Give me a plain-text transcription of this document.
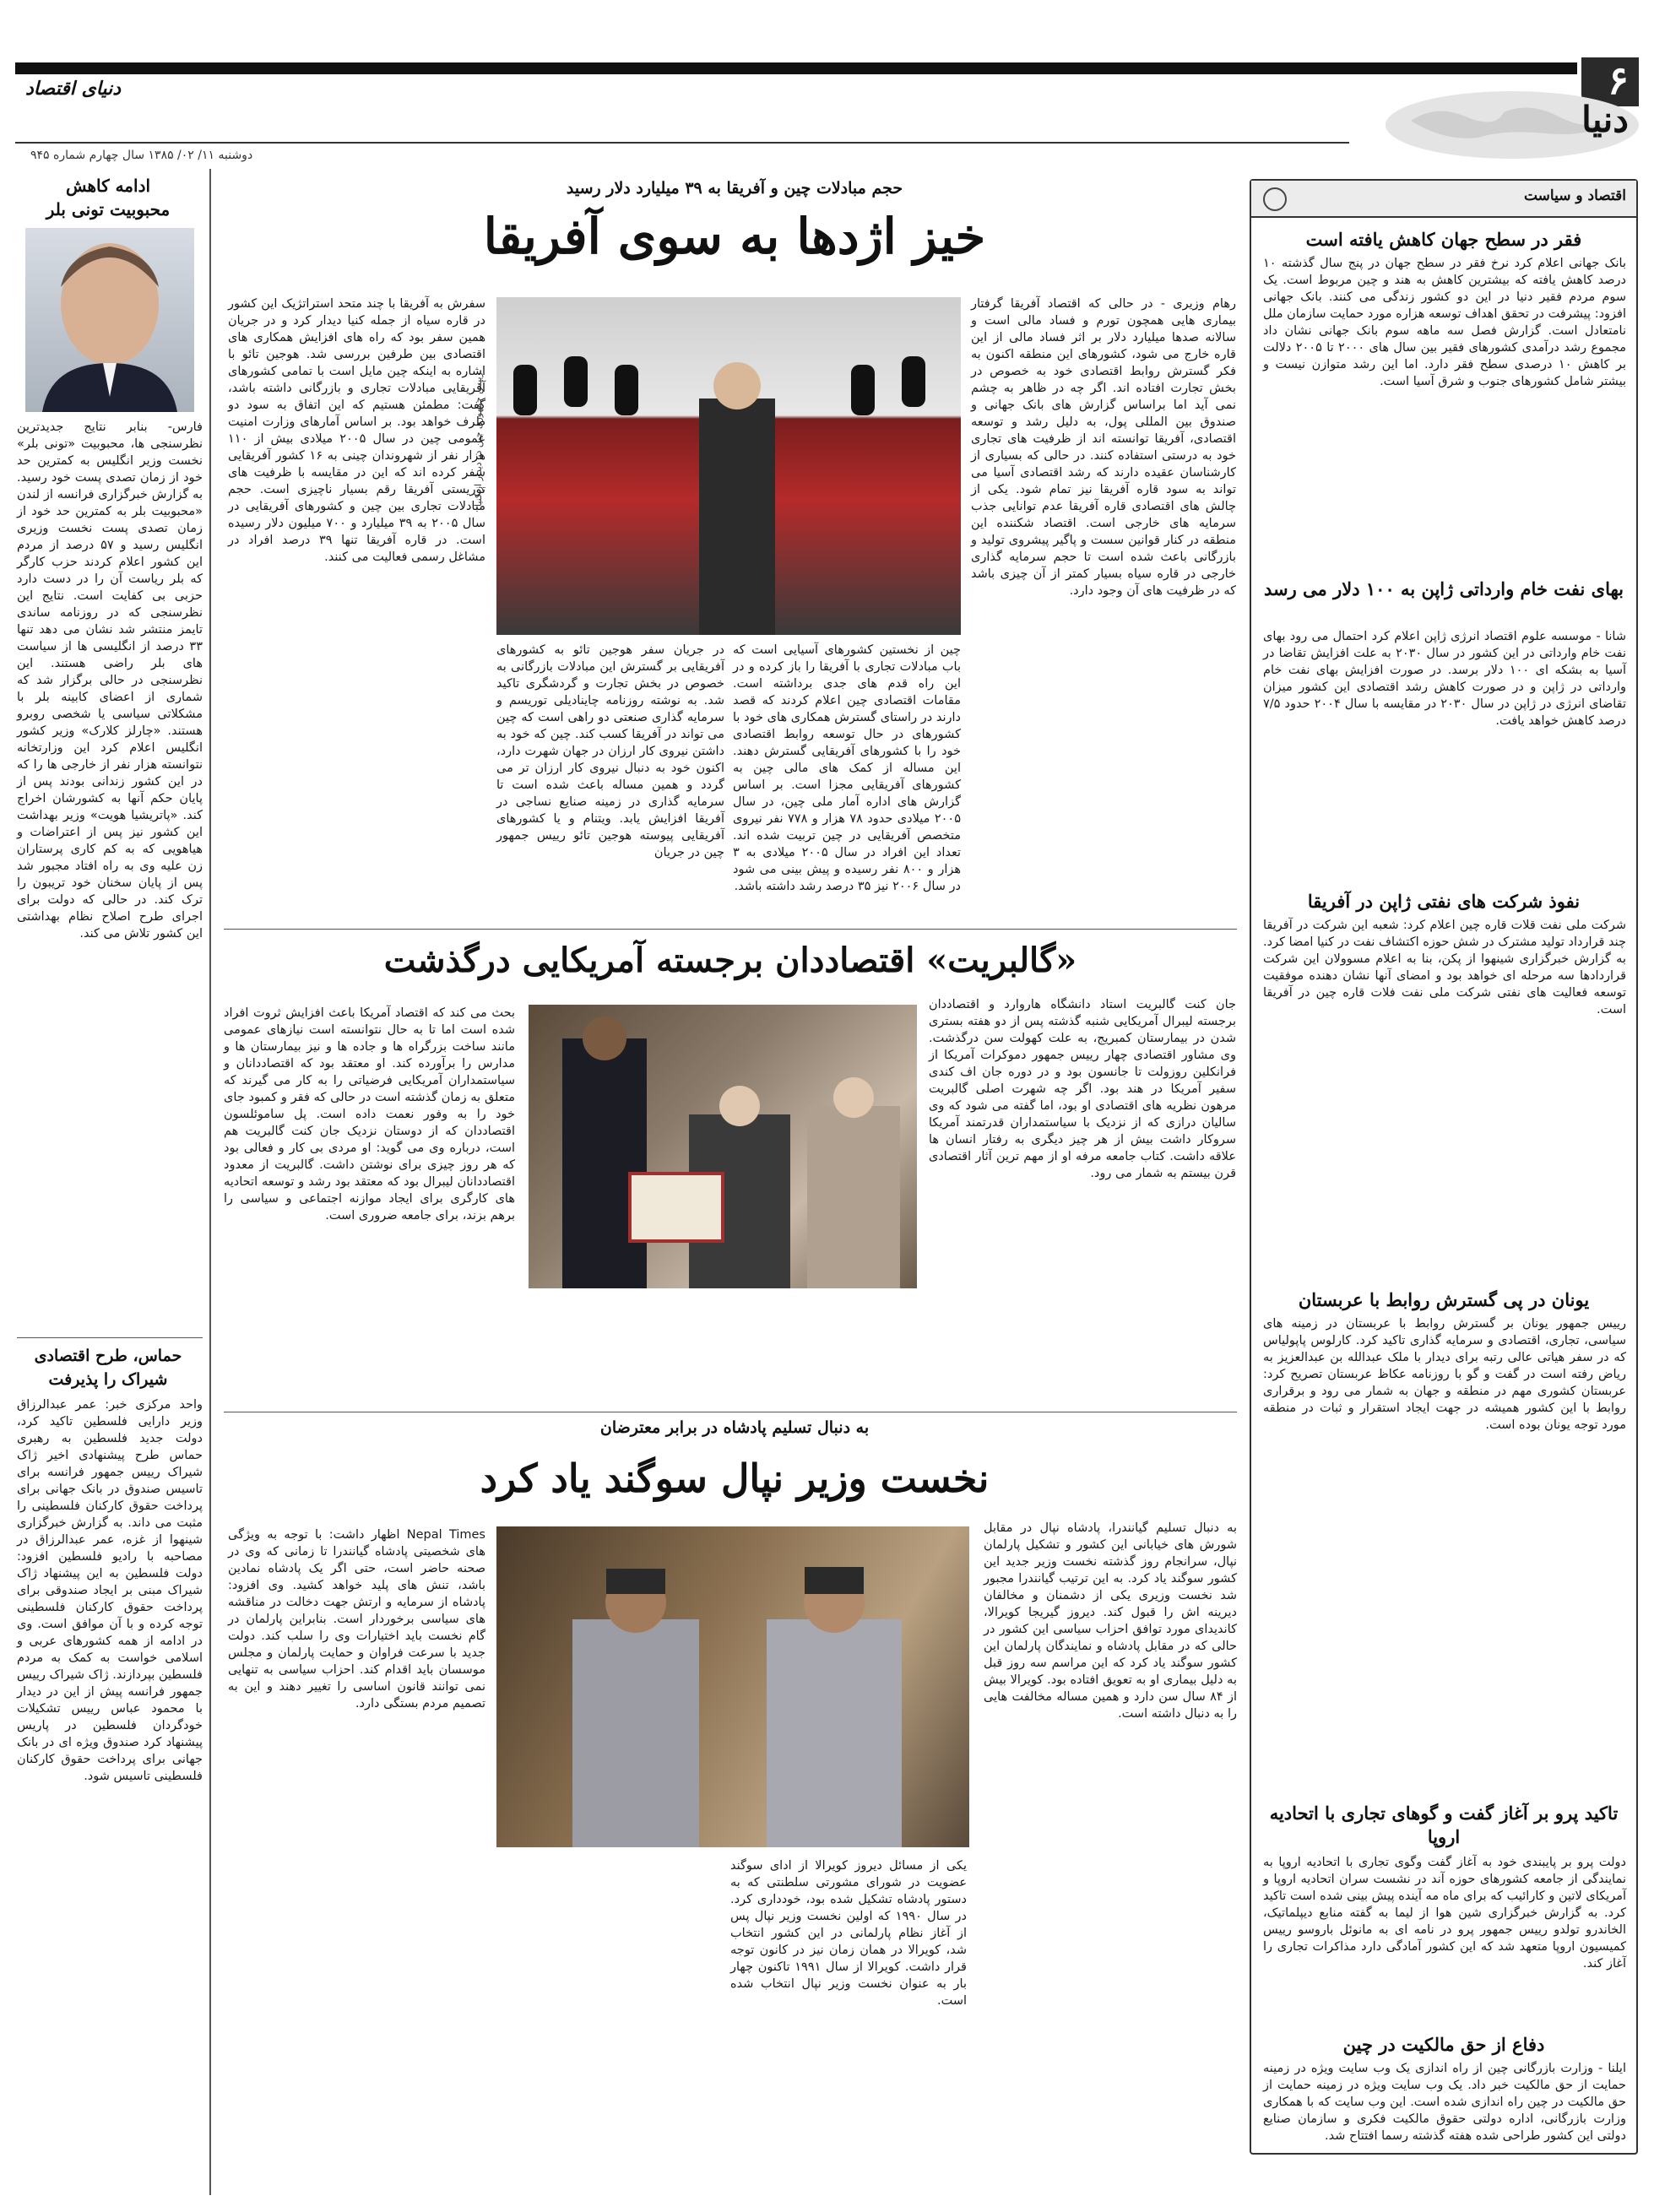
۶
دنیا
دنیای اقتصاد
دوشنبه ۱۱/ ۰۲/ ۱۳۸۵ سال چهارم شماره ۹۴۵
اقتصاد و سیاست
فقر در سطح جهان کاهش یافته است
بانک جهانی اعلام کرد نرخ فقر در سطح جهان در پنج سال گذشته ۱۰ درصد کاهش یافته که بیشترین کاهش به هند و چین مربوط است. یک سوم مردم فقیر دنیا در این دو کشور زندگی می کنند. بانک جهانی افزود: پیشرفت در تحقق اهداف توسعه هزاره مورد حمایت سازمان ملل نامتعادل است. گزارش فصل سه ماهه سوم بانک جهانی نشان داد مجموع رشد درآمدی کشورهای فقیر بین سال های ۲۰۰۰ تا ۲۰۰۵ دلالت بر کاهش ۱۰ درصدی سطح فقر دارد. اما این رشد متوازن نیست و بیشتر شامل کشورهای جنوب و شرق آسیا است.
بهای نفت خام وارداتی ژاپن به ۱۰۰ دلار می رسد
شانا - موسسه علوم اقتصاد انرژی ژاپن اعلام کرد احتمال می رود بهای نفت خام وارداتی در این کشور در سال ۲۰۳۰ به علت افزایش تقاضا در آسیا به بشکه ای ۱۰۰ دلار برسد. در صورت افزایش بهای نفت خام وارداتی در ژاپن و در صورت کاهش رشد اقتصادی این کشور میزان تقاضای انرژی در ژاپن در سال ۲۰۳۰ در مقایسه با سال ۲۰۰۴ حدود ۷/۵ درصد کاهش خواهد یافت.
نفوذ شرکت های نفتی ژاپن در آفریقا
شرکت ملی نفت قلات قاره چین اعلام کرد: شعبه این شرکت در آفریقا چند قرارداد تولید مشترک در شش حوزه اکتشاف نفت در کنیا امضا کرد. به گزارش خبرگزاری شینهوا از پکن، بنا به اعلام مسوولان این شرکت قراردادها سه مرحله ای خواهد بود و امضای آنها نشان دهنده موفقیت توسعه فعالیت های نفتی شرکت ملی نفت فلات قاره چین در آفریقا است.
یونان در پی گسترش روابط با عربستان
رییس جمهور یونان بر گسترش روابط با عربستان در زمینه های سیاسی، تجاری، اقتصادی و سرمایه گذاری تاکید کرد. کارلوس پاپولیاس که در سفر هیاتی عالی رتبه برای دیدار با ملک عبدالله بن عبدالعزیز به ریاض رفته است در گفت و گو با روزنامه عکاظ عربستان تصریح کرد: عربستان کشوری مهم در منطقه و جهان به شمار می رود و برقراری روابط با این کشور همیشه در جهت ایجاد استقرار و ثبات در منطقه مورد توجه یونان بوده است.
تاکید پرو بر آغاز گفت و گوهای تجاری با اتحادیه اروپا
دولت پرو بر پایبندی خود به آغاز گفت وگوی تجاری با اتحادیه اروپا به نمایندگی از جامعه کشورهای حوزه آند در نشست سران اتحادیه اروپا و آمریکای لاتین و کارائیب که برای ماه مه آینده پیش بینی شده است تاکید کرد. به گزارش خبرگزاری شین هوا از لیما به گفته منابع دیپلماتیک، الخاندرو تولدو رییس جمهور پرو در نامه ای به مانوئل باروسو رییس کمیسیون اروپا متعهد شد که این کشور آمادگی دارد مذاکرات تجاری را آغاز کند.
دفاع از حق مالکیت در چین
ایلنا - وزارت بازرگانی چین از راه اندازی یک وب سایت ویژه در زمینه حمایت از حق مالکیت خبر داد. یک وب سایت ویژه در زمینه حمایت از حق مالکیت در چین راه اندازی شده است. این وب سایت که با همکاری وزارت بازرگانی، اداره دولتی حقوق مالکیت فکری و سازمان صنایع دولتی این کشور طراحی شده هفته گذشته رسما افتتاح شد.
حجم مبادلات چین و آفریقا به ۳۹ میلیارد دلار رسید
خیز اژدها به سوی آفریقا
رهام وزیری - در حالی که اقتصاد آفریقا گرفتار بیماری هایی همچون تورم و فساد مالی است و سالانه صدها میلیارد دلار بر اثر فساد مالی از این قاره خارج می شود، کشورهای این منطقه اکنون به فکر گسترش روابط اقتصادی خود به خصوص در بخش تجارت افتاده اند. اگر چه در ظاهر به چشم نمی آید اما براساس گزارش های بانک جهانی و صندوق بین المللی پول، به دلیل رشد و توسعه اقتصادی، آفریقا توانسته اند از ظرفیت های تجاری خود به درستی استفاده کنند. در حالی که بسیاری از کارشناسان عقیده دارند که رشد اقتصادی آسیا می تواند به سود قاره آفریقا نیز تمام شود. یکی از چالش های اقتصادی قاره آفریقا عدم توانایی جذب سرمایه های خارجی است. اقتصاد شکننده این منطقه در کنار قوانین سست و پاگیر پیشروی تولید و بازرگانی باعث شده است تا حجم سرمایه گذاری خارجی در قاره سیاه بسیار کمتر از آن چیزی باشد که در ظرفیت های آن وجود دارد.
رییس جمهوری چین در دیدار از کنیا
چین از نخستین کشورهای آسیایی است که باب مبادلات تجاری با آفریقا را باز کرده و در این راه قدم های جدی برداشته است. مقامات اقتصادی چین اعلام کردند که قصد دارند در راستای گسترش همکاری های خود با کشورهای در حال توسعه روابط اقتصادی خود را با کشورهای آفریقایی گسترش دهند. این مساله از کمک های مالی چین به کشورهای آفریقایی مجزا است. بر اساس گزارش های اداره آمار ملی چین، در سال ۲۰۰۵ میلادی حدود ۷۸ هزار و ۷۷۸ نفر نیروی متخصص آفریقایی در چین تربیت شده اند. تعداد این افراد در سال ۲۰۰۵ میلادی به ۳ هزار و ۸۰۰ نفر رسیده و پیش بینی می شود در سال ۲۰۰۶ نیز ۳۵ درصد رشد داشته باشد.
در جریان سفر هوجین تائو به کشورهای آفریقایی بر گسترش این مبادلات بازرگانی به خصوص در بخش تجارت و گردشگری تاکید شد. به نوشته روزنامه چاینادیلی توریسم و سرمایه گذاری صنعتی دو راهی است که چین می تواند در آفریقا کسب کند. چین که خود به داشتن نیروی کار ارزان در جهان شهرت دارد، اکنون خود به دنبال نیروی کار ارزان تر می گردد و همین مساله باعث شده است تا سرمایه گذاری در زمینه صنایع نساجی در آفریقا افزایش یابد. ویتنام و یا کشورهای آفریقایی پیوسته هوجین تائو رییس جمهور چین در جریان
سفرش به آفریقا با چند متحد استراتژیک این کشور در قاره سیاه از جمله کنیا دیدار کرد و در جریان همین سفر بود که راه های افزایش همکاری های اقتصادی بین طرفین بررسی شد. هوجین تائو با اشاره به اینکه چین مایل است با تمامی کشورهای آفریقایی مبادلات تجاری و بازرگانی داشته باشد، گفت: مطمئن هستیم که این اتفاق به سود دو طرف خواهد بود. بر اساس آمارهای وزارت امنیت عمومی چین در سال ۲۰۰۵ میلادی بیش از ۱۱۰ هزار نفر از شهروندان چینی به ۱۶ کشور آفریقایی سفر کرده اند که این در مقایسه با ظرفیت های توریستی آفریقا رقم بسیار ناچیزی است. حجم مبادلات تجاری بین چین و کشورهای آفریقایی در سال ۲۰۰۵ به ۳۹ میلیارد و ۷۰۰ میلیون دلار رسیده است. در قاره آفریقا تنها ۳۹ درصد افراد در مشاغل رسمی فعالیت می کنند.
«گالبریت» اقتصاددان برجسته آمریکایی درگذشت
جان کنت گالبریت استاد دانشگاه هاروارد و اقتصاددان برجسته لیبرال آمریکایی شنبه گذشته پس از دو هفته بستری شدن در بیمارستان کمبریج، به علت کهولت سن درگذشت. وی مشاور اقتصادی چهار رییس جمهور دموکرات آمریکا از فرانکلین روزولت تا جانسون بود و در دوره جان اف کندی سفیر آمریکا در هند بود. اگر چه شهرت اصلی گالبریت مرهون نظریه های اقتصادی او بود، اما گفته می شود که وی سالیان درازی که از نزدیک با سیاستمداران قدرتمند آمریکا سروکار داشت بیش از هر چیز دیگری به رفتار انسان ها علاقه داشت. کتاب جامعه مرفه او از مهم ترین آثار اقتصادی قرن بیستم به شمار می رود.
بحث می کند که اقتصاد آمریکا باعث افزایش ثروت افراد شده است اما تا به حال نتوانسته است نیازهای عمومی مانند ساخت بزرگراه ها و جاده ها و نیز بیمارستان ها و مدارس را برآورده کند. او معتقد بود که اقتصاددانان و سیاستمداران آمریکایی فرضیاتی را به کار می گیرند که متعلق به زمان گذشته است در حالی که فقر و کمبود جای خود را به وفور نعمت داده است. پل ساموئلسون اقتصاددان که از دوستان نزدیک جان کنت گالبریت هم است، درباره وی می گوید: او مردی بی کار و فعالی بود که هر روز چیزی برای نوشتن داشت. گالبریت از معدود اقتصاددانان لیبرال بود که معتقد بود رشد و توسعه اتحادیه های کارگری برای ایجاد موازنه اجتماعی و سیاسی را برهم بزند، برای جامعه ضروری است.
به دنبال تسلیم پادشاه در برابر معترضان
نخست وزیر نپال سوگند یاد کرد
به دنبال تسلیم گیانندرا، پادشاه نپال در مقابل شورش های خیابانی این کشور و تشکیل پارلمان نپال، سرانجام روز گذشته نخست وزیر جدید این کشور سوگند یاد کرد. به این ترتیب گیانندرا مجبور شد نخست وزیری یکی از دشمنان و مخالفان دیرینه اش را قبول کند. دیروز گیریجا کویرالا، کاندیدای مورد توافق احزاب سیاسی این کشور در حالی که در مقابل پادشاه و نمایندگان پارلمان این کشور سوگند یاد کرد که این مراسم سه روز قبل به دلیل بیماری او به تعویق افتاده بود. کویرالا بیش از ۸۴ سال سن دارد و همین مساله مخالفت هایی را به دنبال داشته است.
یکی از مسائل دیروز کویرالا از ادای سوگند عضویت در شورای مشورتی سلطنتی که به دستور پادشاه تشکیل شده بود، خودداری کرد. در سال ۱۹۹۰ که اولین نخست وزیر نپال پس از آغاز نظام پارلمانی در این کشور انتخاب شد، کویرالا در همان زمان نیز در کانون توجه قرار داشت. کویرالا از سال ۱۹۹۱ تاکنون چهار بار به عنوان نخست وزیر نپال انتخاب شده است.
Nepal Times اظهار داشت: با توجه به ویژگی های شخصیتی پادشاه گیانندرا تا زمانی که وی در صحنه حاضر است، حتی اگر یک پادشاه نمادین باشد، تنش های پلید خواهد کشید. وی افزود: پادشاه از سرمایه و ارتش جهت دخالت در مناقشه های سیاسی برخوردار است. بنابراین پارلمان در گام نخست باید اختیارات وی را سلب کند. دولت جدید با سرعت فراوان و حمایت پارلمان و مجلس موسسان باید اقدام کند. احزاب سیاسی به تنهایی نمی توانند قانون اساسی را تغییر دهند و این به تصمیم مردم بستگی دارد.
ادامه کاهش
محبوبیت تونی بلر
فارس- بنابر نتایج جدیدترین نظرسنجی ها، محبوبیت «تونی بلر» نخست وزیر انگلیس به کمترین حد خود از زمان تصدی پست خود رسید. به گزارش خبرگزاری فرانسه از لندن «محبوبیت بلر به کمترین حد خود از زمان تصدی پست نخست وزیری انگلیس رسید و ۵۷ درصد از مردم این کشور اعلام کردند حزب کارگر که بلر ریاست آن را در دست دارد حزبی بی کفایت است. نتایج این نظرسنجی که در روزنامه ساندی تایمز منتشر شد نشان می دهد تنها ۳۳ درصد از انگلیسی ها از سیاست های بلر راضی هستند. این نظرسنجی در حالی برگزار شد که شماری از اعضای کابینه بلر با مشکلاتی سیاسی یا شخصی روبرو هستند. «چارلز کلارک» وزیر کشور انگلیس اعلام کرد این وزارتخانه نتوانسته هزار نفر از خارجی ها را که در این کشور زندانی بودند پس از پایان حکم آنها به کشورشان اخراج کند. «پاتریشیا هویت» وزیر بهداشت این کشور نیز پس از اعتراضات و هیاهویی که به کم کاری پرستاران زن علیه وی به راه افتاد مجبور شد پس از پایان سخنان خود تریبون را ترک کند. در حالی که دولت برای اجرای طرح اصلاح نظام بهداشتی این کشور تلاش می کند.
حماس، طرح اقتصادی
شیراک را پذیرفت
واحد مرکزی خبر: عمر عبدالرزاق وزیر دارایی فلسطین تاکید کرد، دولت جدید فلسطین به رهبری حماس طرح پیشنهادی اخیر ژاک شیراک رییس جمهور فرانسه برای تاسیس صندوق در بانک جهانی برای پرداخت حقوق کارکنان فلسطینی را مثبت می داند. به گزارش خبرگزاری شینهوا از غزه، عمر عبدالرزاق در مصاحبه با رادیو فلسطین افزود: دولت فلسطین به این پیشنهاد ژاک شیراک مبنی بر ایجاد صندوقی برای پرداخت حقوق کارکنان فلسطینی توجه کرده و با آن موافق است. وی در ادامه از همه کشورهای عربی و اسلامی خواست به کمک به مردم فلسطین بپردازند. ژاک شیراک رییس جمهور فرانسه پیش از این در دیدار با محمود عباس رییس تشکیلات خودگردان فلسطین در پاریس پیشنهاد کرد صندوق ویژه ای در بانک جهانی برای پرداخت حقوق کارکنان فلسطینی تاسیس شود.
